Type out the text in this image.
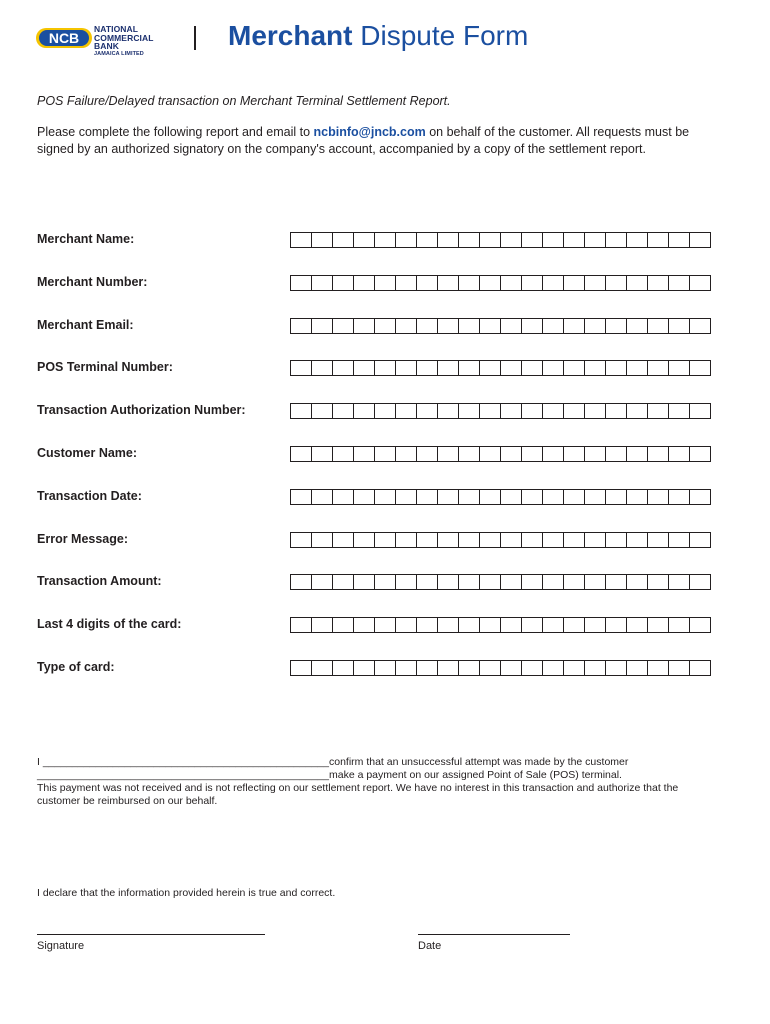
NCB
NATIONAL
COMMERCIAL
BANK
JAMAICA LIMITED
Merchant Dispute Form
POS Failure/Delayed transaction on Merchant Terminal Settlement Report.
Please complete the following report and email to ncbinfo@jncb.com on behalf of the customer. All requests must be signed by an authorized signatory on the company's account, accompanied by a copy of the settlement report.
Merchant Name:
Merchant Number:
Merchant Email:
POS Terminal Number:
Transaction Authorization Number:
Customer Name:
Transaction Date:
Error Message:
Transaction Amount:
Last 4 digits of the card:
Type of card:
I _________________________________________________confirm that an unsuccessful attempt was made by the customer
__________________________________________________make a payment on our assigned Point of Sale (POS) terminal.
This payment was not received and is not reflecting on our settlement report. We have no interest in this transaction and authorize that the customer be reimbursed on our behalf.
I declare that the information provided herein is true and correct.
Signature	Date
